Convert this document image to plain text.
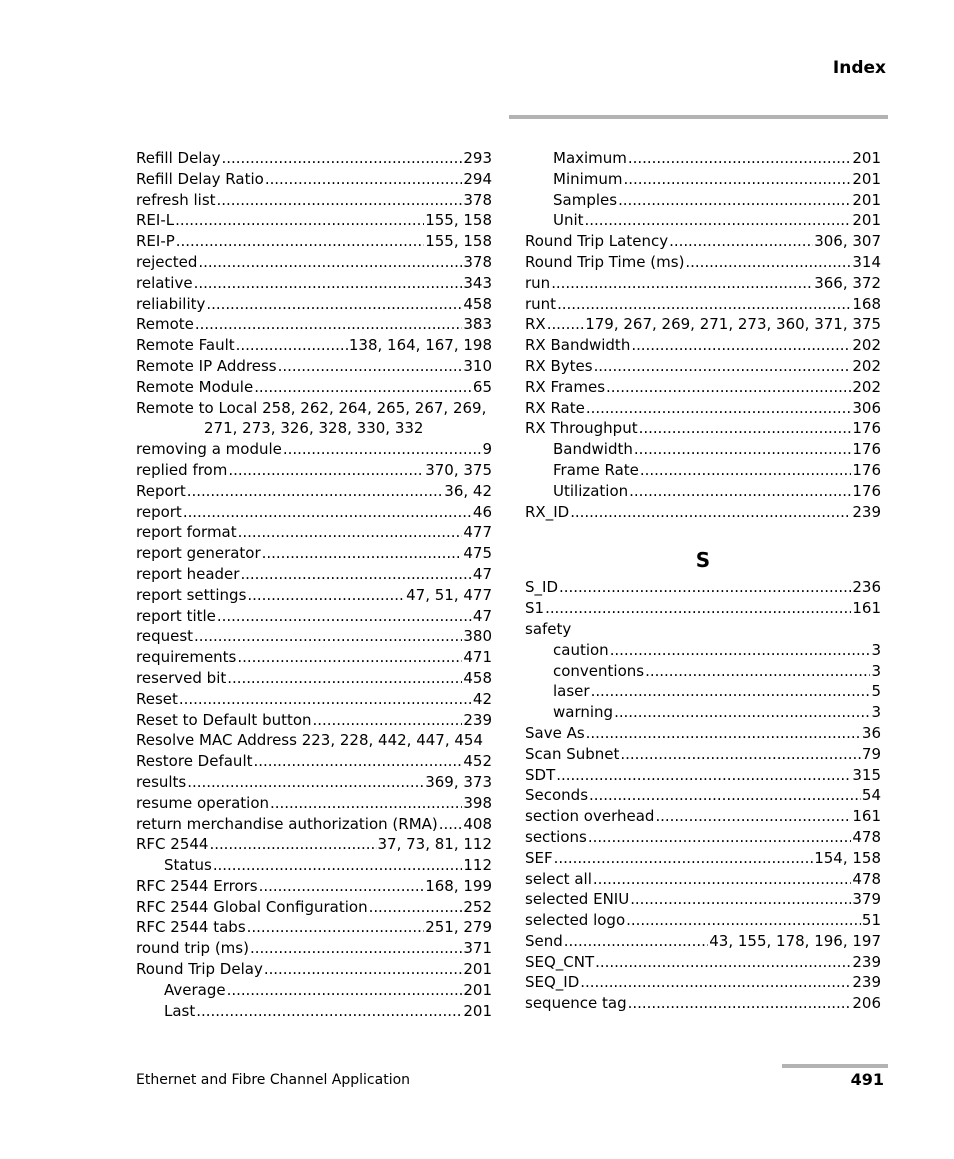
Index
Refill Delay . . .	293
Refill Delay Ratio . . .	294
refresh list . . .	378
REI-L . . .	155, 158
REI-P . . .	155, 158
rejected . . .	378
relative . . .	343
reliability . . .	458
Remote . . .	383
Remote Fault . . .	138, 164, 167, 198
Remote IP Address . . .	310
Remote Module . . .	65
Remote to Local
258, 262, 264, 265, 267, 269,
271, 273, 326, 328, 330, 332
removing a module . . .	9
replied from . . .	370, 375
Report . . .	36, 42
report . . .	46
report format . . .	477
report generator . . .	475
report header . . .	47
report settings . . .	47, 51, 477
report title . . .	47
request . . .	380
requirements . . .	471
reserved bit . . .	458
Reset . . .	42
Reset to Default button . . .	239
Resolve MAC Address
223, 228, 442, 447, 454
Restore Default . . .	452
results . . .	369, 373
resume operation . . .	398
return merchandise authorization (RMA) . . . 408
RFC 2544 . . .	37, 73, 81, 112
Status . . .	112
RFC 2544 Errors . . .	168, 199
RFC 2544 Global Configuration . . .	252
RFC 2544 tabs . . .	251, 279
round trip (ms) . . .	371
Round Trip Delay . . .	201
Average . . .	201
Last . . .	201
Maximum . . .	201
Minimum . . .	201
Samples . . .	201
Unit . . .	201
Round Trip Latency . . .	306, 307
Round Trip Time (ms) . . .	314
run . . .	366, 372
runt . . .	168
RX . . .	179, 267, 269, 271, 273, 360, 371, 375
RX Bandwidth . . .	202
RX Bytes . . .	202
RX Frames . . .	202
RX Rate . . .	306
RX Throughput . . .	176
Bandwidth . . .	176
Frame Rate . . .	176
Utilization . . .	176
RX_ID . . .	239
S
S_ID . . .	236
S1 . . .	161
safety
caution . . .	3
conventions . . .	3
laser . . .	5
warning . . .	3
Save As . . .	36
Scan Subnet . . .	79
SDT . . .	315
Seconds . . .	54
section overhead . . .	161
sections . . .	478
SEF . . .	154, 158
select all . . .	478
selected ENIU . . .	379
selected logo . . .	51
Send . . .	43, 155, 178, 196, 197
SEQ_CNT . . .	239
SEQ_ID . . .	239
sequence tag . . .	206
Ethernet and Fibre Channel Application	491
